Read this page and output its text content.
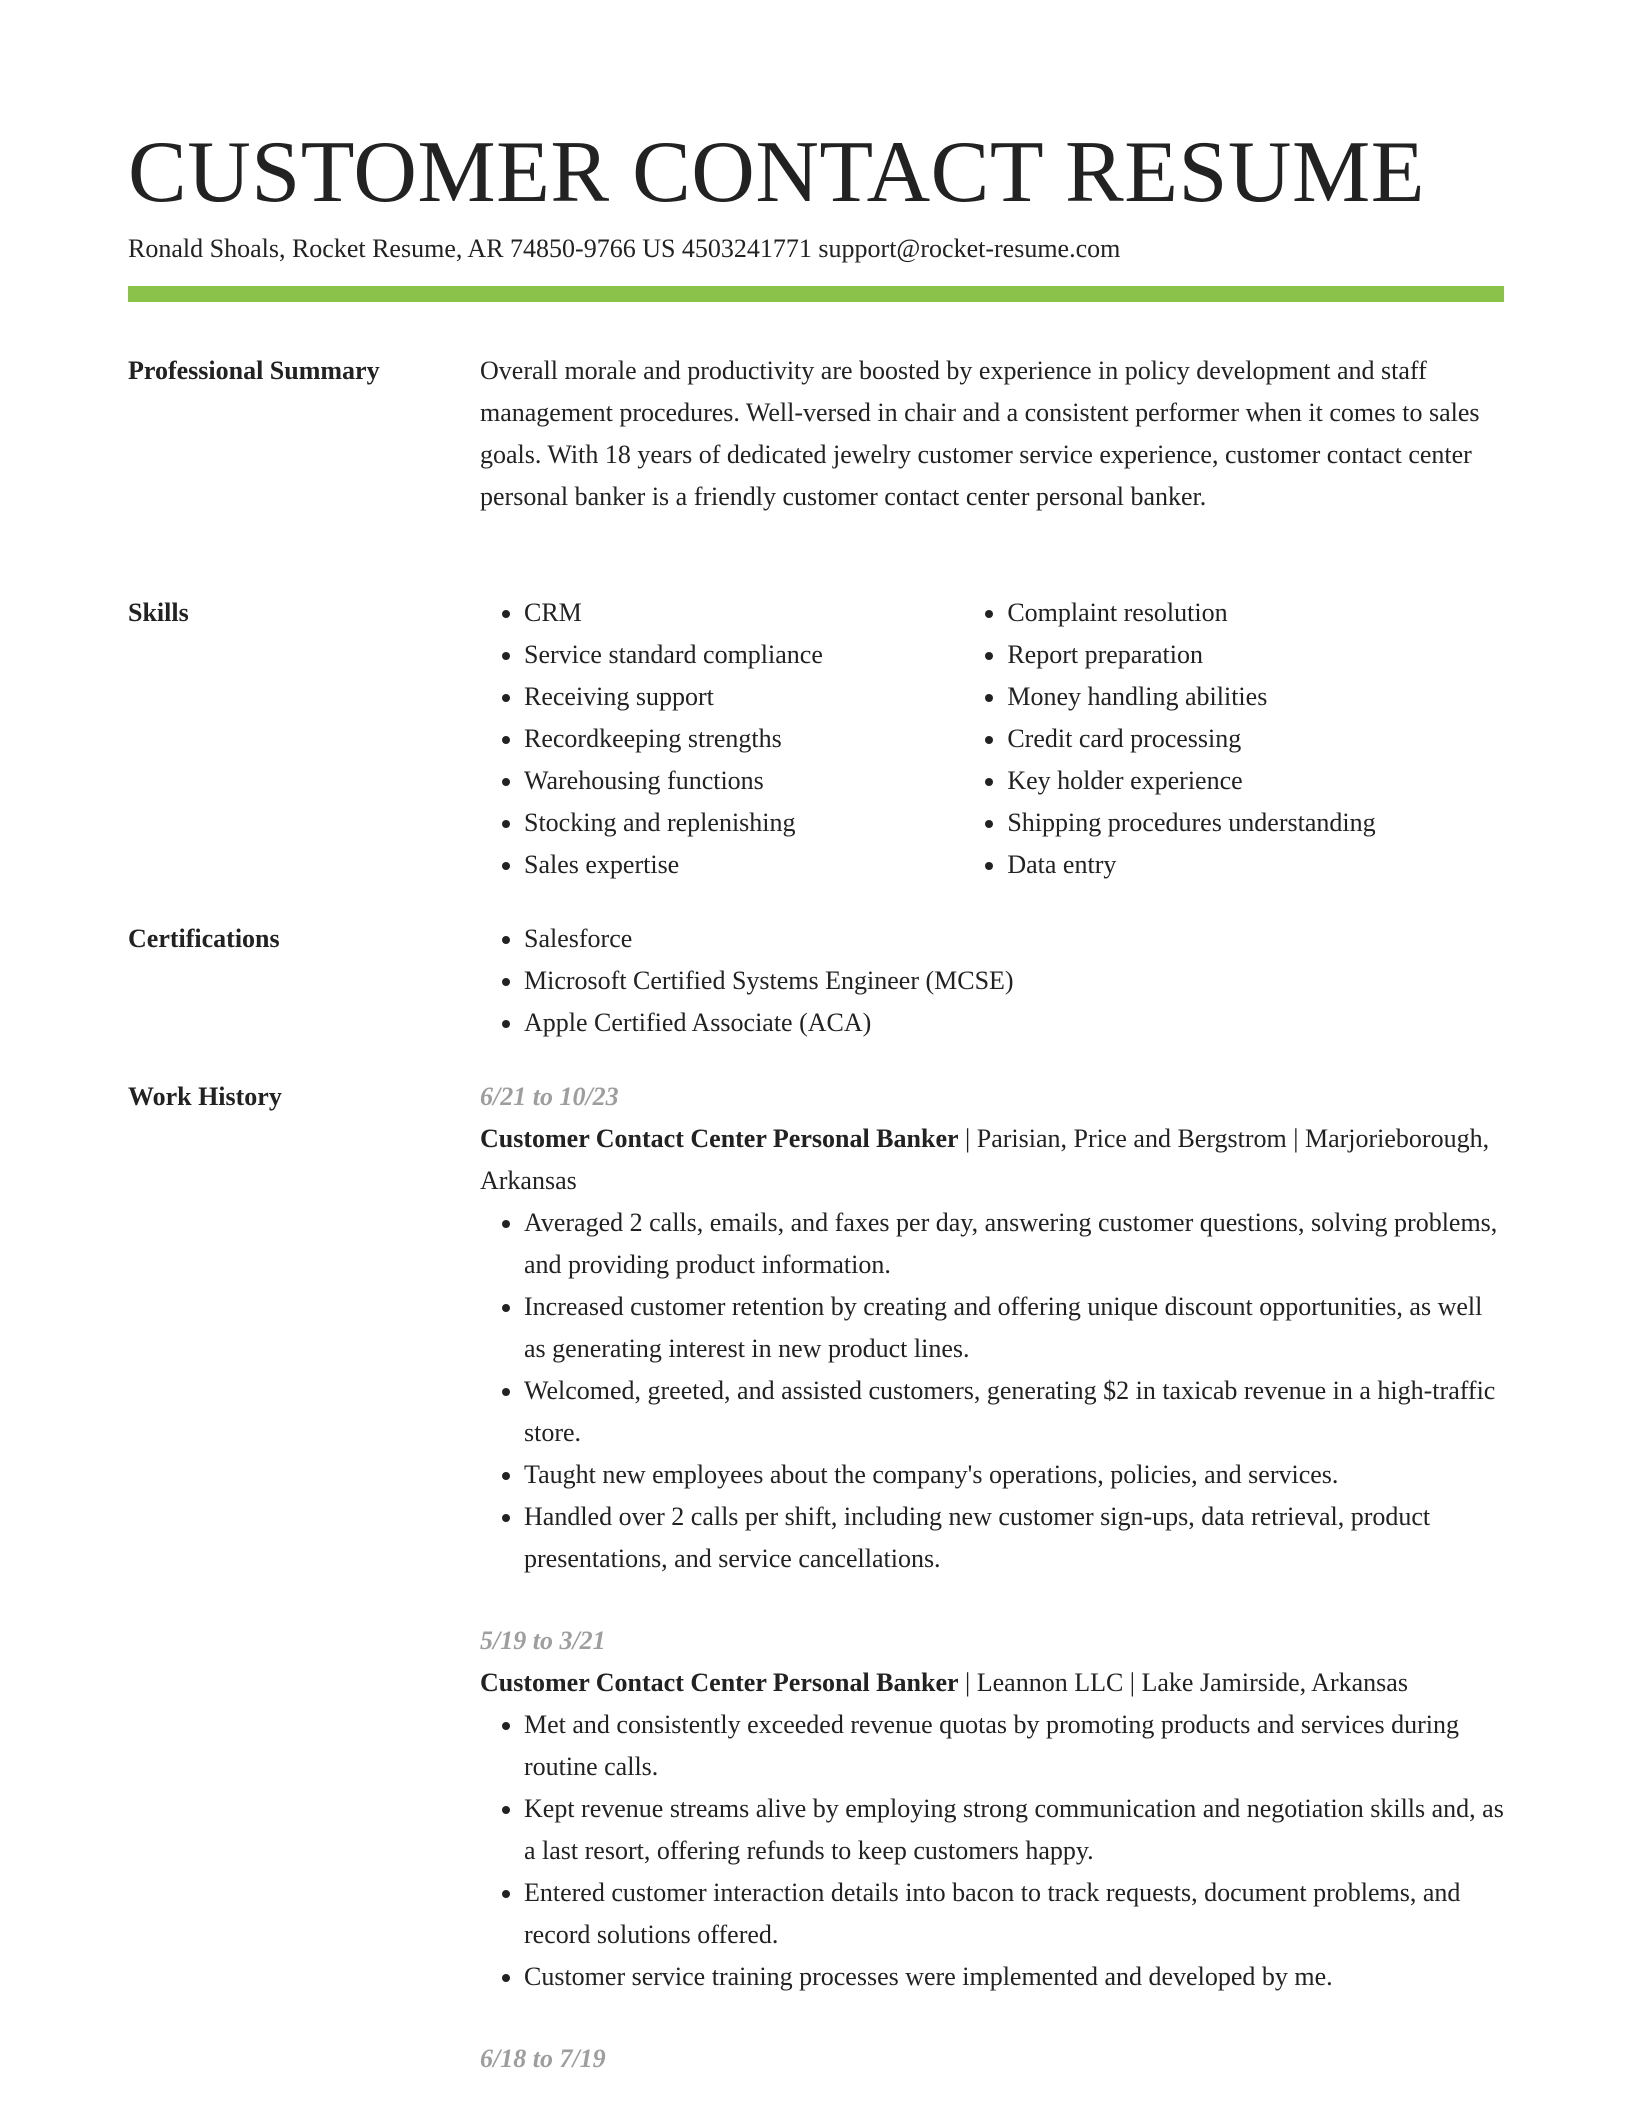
CUSTOMER CONTACT RESUME
Ronald Shoals, Rocket Resume, AR 74850-9766 US 4503241771 support@rocket-resume.com
Professional Summary	Overall morale and productivity are boosted by experience in policy development and staff management procedures. Well-versed in chair and a consistent performer when it comes to sales goals. With 18 years of dedicated jewelry customer service experience, customer contact center personal banker is a friendly customer contact center personal banker.

Skills	• CRM
• Service standard compliance
• Receiving support
• Recordkeeping strengths
• Warehousing functions
• Stocking and replenishing
• Sales expertise
• Complaint resolution
• Report preparation
• Money handling abilities
• Credit card processing
• Key holder experience
• Shipping procedures understanding
• Data entry
Certifications	• Salesforce
• Microsoft Certified Systems Engineer (MCSE)
• Apple Certified Associate (ACA)
Work History	6/21 to 10/23
Customer Contact Center Personal Banker | Parisian, Price and Bergstrom | Marjorieborough, Arkansas
• Averaged 2 calls, emails, and faxes per day, answering customer questions, solving problems, and providing product information.
• Increased customer retention by creating and offering unique discount opportunities, as well as generating interest in new product lines.
• Welcomed, greeted, and assisted customers, generating $2 in taxicab revenue in a high-traffic store.
• Taught new employees about the company's operations, policies, and services.
• Handled over 2 calls per shift, including new customer sign-ups, data retrieval, product presentations, and service cancellations.
5/19 to 3/21
Customer Contact Center Personal Banker | Leannon LLC | Lake Jamirside, Arkansas
• Met and consistently exceeded revenue quotas by promoting products and services during routine calls.
• Kept revenue streams alive by employing strong communication and negotiation skills and, as a last resort, offering refunds to keep customers happy.
• Entered customer interaction details into bacon to track requests, document problems, and record solutions offered.
• Customer service training processes were implemented and developed by me.
6/18 to 7/19
